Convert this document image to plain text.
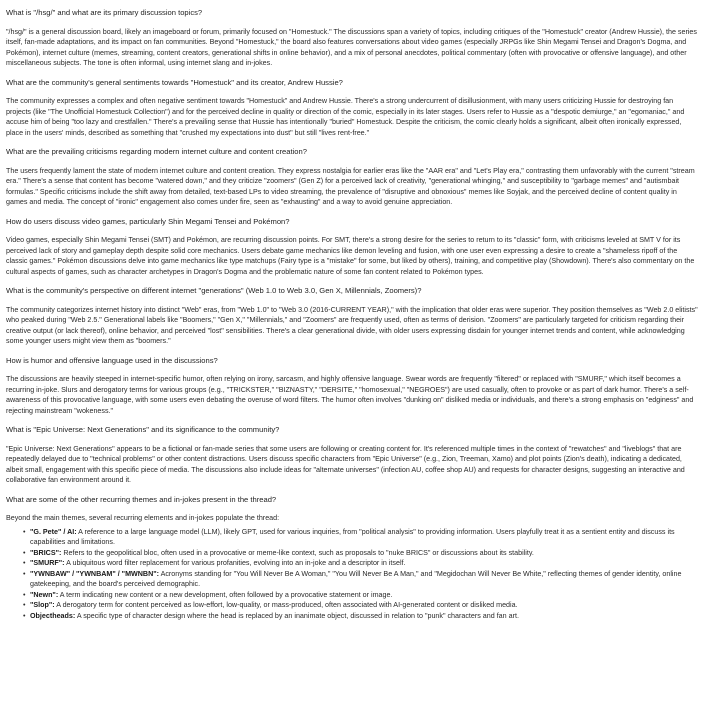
What is "/hsg/" and what are its primary discussion topics?

"/hsg/" is a general discussion board, likely an imageboard or forum, primarily focused on "Homestuck." The discussions span a variety of topics, including critiques of the "Homestuck" creator (Andrew Hussie), the series itself, fan-made adaptations, and its impact on fan communities. Beyond "Homestuck," the board also features conversations about video games (especially JRPGs like Shin Megami Tensei and Dragon's Dogma, and Pokémon), internet culture (memes, streaming, content creators, generational shifts in online behavior), and a mix of personal anecdotes, political commentary (often with provocative or offensive language), and other miscellaneous subjects. The tone is often informal, using internet slang and in-jokes.

What are the community's general sentiments towards "Homestuck" and its creator, Andrew Hussie?

The community expresses a complex and often negative sentiment towards "Homestuck" and Andrew Hussie. There's a strong undercurrent of disillusionment, with many users criticizing Hussie for destroying fan projects (like "The Unofficial Homestuck Collection") and for the perceived decline in quality or direction of the comic, especially in its later stages. Users refer to Hussie as a "despotic demiurge," an "egomaniac," and accuse him of being "too lazy and crestfallen." There's a prevailing sense that Hussie has intentionally "buried" Homestuck. Despite the criticism, the comic clearly holds a significant, albeit often ironically expressed, place in the users' minds, described as something that "crushed my expectations into dust" but still "lives rent-free."

What are the prevailing criticisms regarding modern internet culture and content creation?

The users frequently lament the state of modern internet culture and content creation. They express nostalgia for earlier eras like the "AAR era" and "Let's Play era," contrasting them unfavorably with the current "stream era." There's a sense that content has become "watered down," and they criticize "zoomers" (Gen Z) for a perceived lack of creativity, "generational whinging," and susceptibility to "garbage memes" and "autismbait formulas." Specific criticisms include the shift away from detailed, text-based LPs to video streaming, the prevalence of "disruptive and obnoxious" memes like Soyjak, and the perceived decline of content quality in games and media. The concept of "ironic" engagement also comes under fire, seen as "exhausting" and a way to avoid genuine appreciation.

How do users discuss video games, particularly Shin Megami Tensei and Pokémon?

Video games, especially Shin Megami Tensei (SMT) and Pokémon, are recurring discussion points. For SMT, there's a strong desire for the series to return to its "classic" form, with criticisms leveled at SMT V for its perceived lack of story and gameplay depth despite solid core mechanics. Users debate game mechanics like demon leveling and fusion, with one user even expressing a desire to create a "shameless ripoff of the classic games." Pokémon discussions delve into game mechanics like type matchups (Fairy type is a "mistake" for some, but liked by others), training, and competitive play (Showdown). There's also commentary on the cultural aspects of games, such as character archetypes in Dragon's Dogma and the problematic nature of some fan content related to Pokémon types.

What is the community's perspective on different internet "generations" (Web 1.0 to Web 3.0, Gen X, Millennials, Zoomers)?

The community categorizes internet history into distinct "Web" eras, from "Web 1.0" to "Web 3.0 (2016-CURRENT YEAR)," with the implication that older eras were superior. They position themselves as "Web 2.0 elitists" who peaked during "Web 2.5." Generational labels like "Boomers," "Gen X," "Millennials," and "Zoomers" are frequently used, often as terms of derision. "Zoomers" are particularly targeted for criticism regarding their creative output (or lack thereof), online behavior, and perceived "lost" sensibilities. There's a clear generational divide, with older users expressing disdain for younger internet trends and content, while acknowledging some younger users might view them as "boomers."

How is humor and offensive language used in the discussions?

The discussions are heavily steeped in internet-specific humor, often relying on irony, sarcasm, and highly offensive language. Swear words are frequently "filtered" or replaced with "SMURF," which itself becomes a recurring in-joke. Slurs and derogatory terms for various groups (e.g., "TRICKSTER," "BIZNASTY," "DERSITE," "homosexual," "NEGROES") are used casually, often to provoke or as part of dark humor. There's a self-awareness of this provocative language, with some users even debating the overuse of word filters. The humor often involves "dunking on" disliked media or individuals, and there's a strong emphasis on "edginess" and rejecting mainstream "wokeness."

What is "Epic Universe: Next Generations" and its significance to the community?

"Epic Universe: Next Generations" appears to be a fictional or fan-made series that some users are following or creating content for. It's referenced multiple times in the context of "rewatches" and "liveblogs" that are repeatedly delayed due to "technical problems" or other content distractions. Users discuss specific characters from "Epic Universe" (e.g., Zion, Treeman, Xamo) and plot points (Zion's death), indicating a dedicated, albeit small, engagement with this specific piece of media. The discussions also include ideas for "alternate universes" (infection AU, coffee shop AU) and requests for character designs, suggesting an interactive and collaborative fan environment around it.

What are some of the other recurring themes and in-jokes present in the thread?

Beyond the main themes, several recurring elements and in-jokes populate the thread:

• "G. Pete" / AI: A reference to a large language model (LLM), likely GPT, used for various inquiries, from "political analysis" to providing information. Users playfully treat it as a sentient entity and discuss its capabilities and limitations.
• "BRICS": Refers to the geopolitical bloc, often used in a provocative or meme-like context, such as proposals to "nuke BRICS" or discussions about its stability.
• "SMURF": A ubiquitous word filter replacement for various profanities, evolving into an in-joke and a descriptor in itself.
• "YWNBAW" / "YWNBAM" / "MWNBN": Acronyms standing for "You Will Never Be A Woman," "You Will Never Be A Man," and "Megidochan Will Never Be White," reflecting themes of gender identity, online gatekeeping, and the board's perceived demographic.
• "Newn": A term indicating new content or a new development, often followed by a provocative statement or image.
• "Slop": A derogatory term for content perceived as low-effort, low-quality, or mass-produced, often associated with AI-generated content or disliked media.
• Objectheads: A specific type of character design where the head is replaced by an inanimate object, discussed in relation to "punk" characters and fan art.
